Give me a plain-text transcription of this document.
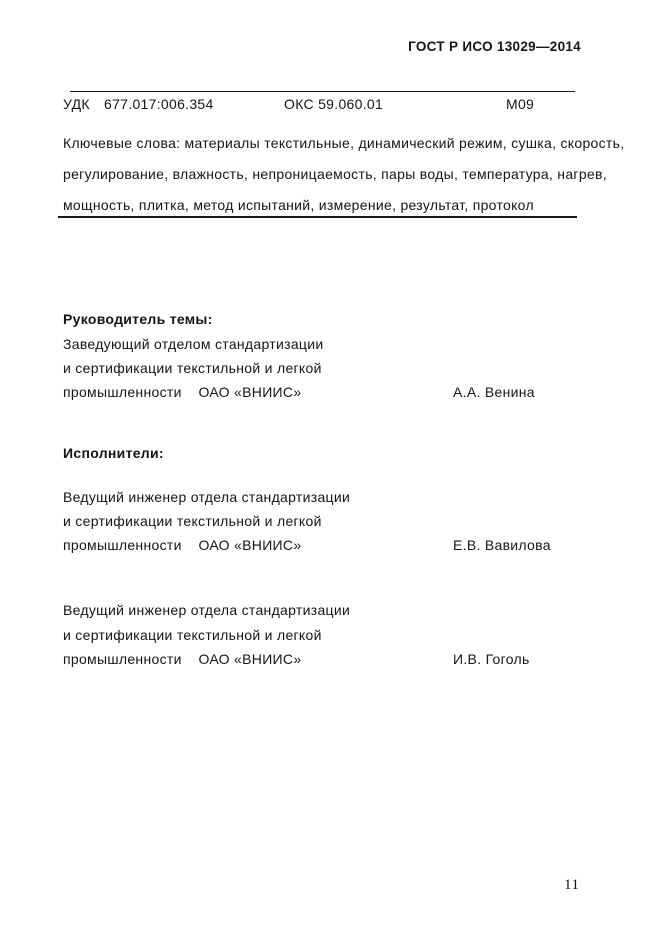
ГОСТ Р ИСО 13029—2014
УДК 677.017:006.354	ОКС 59.060.01	М09
Ключевые слова: материалы текстильные, динамический режим, сушка, скорость,
регулирование, влажность, непроницаемость, пары воды, температура, нагрев,
мощность, плитка, метод испытаний, измерение, результат, протокол
Руководитель темы:
Заведующий отделом стандартизации
и сертификации текстильной и легкой
промышленности    ОАО «ВНИИС»	А.А. Венина
Исполнители:
Ведущий инженер отдела стандартизации
и сертификации текстильной и легкой
промышленности    ОАО «ВНИИС»	Е.В. Вавилова
Ведущий инженер отдела стандартизации
и сертификации текстильной и легкой
промышленности    ОАО «ВНИИС»	И.В. Гоголь
11
